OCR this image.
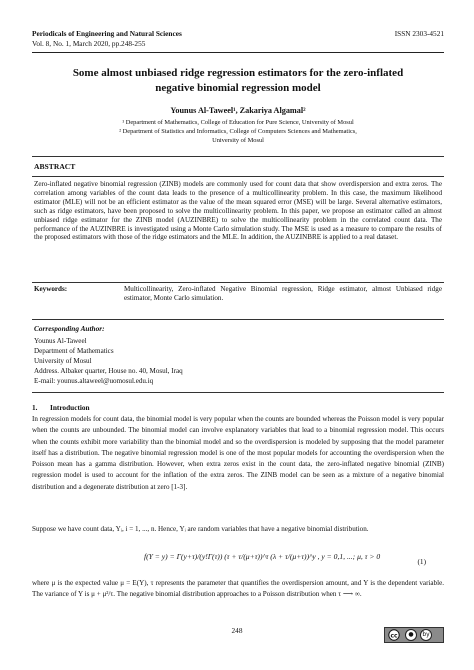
Periodicals of Engineering and Natural Sciences
Vol. 8, No. 1, March 2020, pp.248-255
ISSN 2303-4521
Some almost unbiased ridge regression estimators for the zero-inflated
negative binomial regression model
Younus Al-Taweel¹, Zakariya Algamal²
¹ Department of Mathematics, College of Education for Pure Science, University of Mosul
² Department of Statistics and Informatics, College of Computers Sciences and Mathematics,
University of Mosul
ABSTRACT
Zero-inflated negative binomial regression (ZINB) models are commonly used for count data that show overdispersion and extra zeros. The correlation among variables of the count data leads to the presence of a multicollinearity problem. In this case, the maximum likelihood estimator (MLE) will not be an efficient estimator as the value of the mean squared error (MSE) will be large. Several alternative estimators, such as ridge estimators, have been proposed to solve the multicollinearity problem. In this paper, we propose an estimator called an almost unbiased ridge estimator for the ZINB model (AUZINBRE) to solve the multicollinearity problem in the correlated count data. The performance of the AUZINBRE is investigated using a Monte Carlo simulation study. The MSE is used as a measure to compare the results of the proposed estimators with those of the ridge estimators and the MLE. In addition, the AUZINBRE is applied to a real dataset.
Keywords:	Multicollinearity, Zero-inflated Negative Binomial regression, Ridge estimator, almost Unbiased ridge estimator, Monte Carlo simulation.
Corresponding Author:
Younus Al-Taweel
Department of Mathematics
University of Mosul
Address. Albaker quarter, House no. 40, Mosul, Iraq
E-mail: younus.altaweel@uomosul.edu.iq
1. Introduction
In regression models for count data, the binomial model is very popular when the counts are bounded whereas the Poisson model is very popular when the counts are unbounded. The binomial model can involve explanatory variables that lead to a binomial regression model. This occurs when the counts exhibit more variability than the binomial model and so the overdispersion is modeled by supposing that the model parameter itself has a distribution. The negative binomial regression model is one of the most popular models for accounting the overdispersion when the Poisson mean has a gamma distribution. However, when extra zeros exist in the count data, the zero-inflated negative binomial (ZINB) regression model is used to account for the inflation of the extra zeros. The ZINB model can be seen as a mixture of a negative binomial distribution and a degenerate distribution at zero [1-3].
Suppose we have count data, Yᵢ, i = 1, ..., n. Hence, Yᵢ are random variables that have a negative binomial distribution.
f(Y = y) = Γ(y+τ)/(y!Γ(τ)) (τ + τ/(μ+τ))^τ (λ + τ/(μ+τ))^y , y = 0,1, ...; μ, τ > 0
(1)
where μ is the expected value μ = E(Y), τ represents the parameter that quantifies the overdispersion amount, and Y is the dependent variable. The variance of Y is μ + μ²/τ. The negative binomial distribution approaches to a Poisson distribution when τ ⟶ ∞.
248
cc	●	by
